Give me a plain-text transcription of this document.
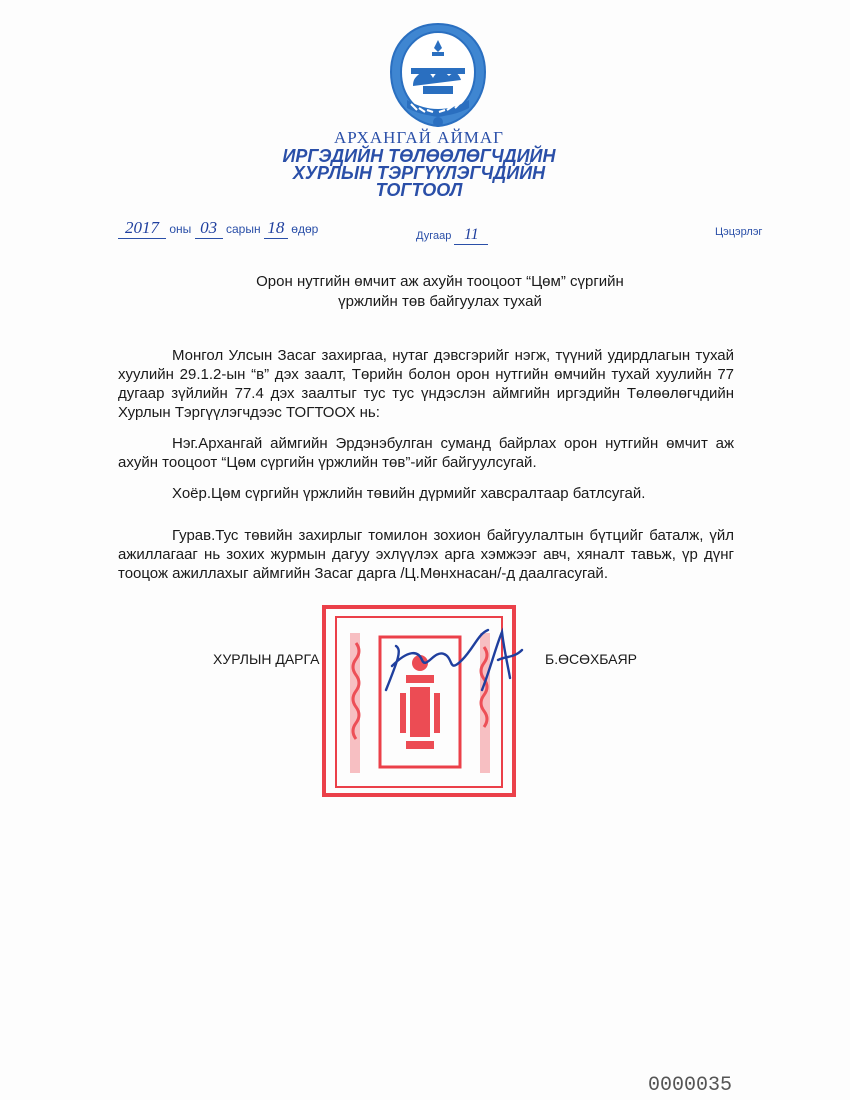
АРХАНГАЙ АЙМАГ
ИРГЭДИЙН ТӨЛӨӨЛӨГЧДИЙН
ХУРЛЫН ТЭРГҮҮЛЭГЧДИЙН
ТОГТООЛ
2017 оны 03 сарын 18 өдөр	Дугаар 11	Цэцэрлэг
Орон нутгийн өмчит аж ахуйн тооцоот “Цөм” сүргийн
үржлийн төв байгуулах тухай
Монгол Улсын Засаг захиргаа, нутаг дэвсгэрийг нэгж, түүний удирдлагын тухай хуулийн 29.1.2-ын “в” дэх заалт, Төрийн болон орон нутгийн өмчийн тухай хуулийн 77 дугаар зүйлийн 77.4 дэх заалтыг тус тус үндэслэн аймгийн иргэдийн Төлөөлөгчдийн Хурлын Тэргүүлэгчдээс ТОГТООХ нь:
Нэг.Архангай аймгийн Эрдэнэбулган суманд байрлах орон нутгийн өмчит аж ахуйн тооцоот “Цөм сүргийн үржлийн төв”-ийг байгуулсугай.
Хоёр.Цөм сүргийн үржлийн төвийн дүрмийг хавсралтаар батлсугай.
Гурав.Тус төвийн захирлыг томилон зохион байгуулалтын бүтцийг баталж, үйл ажиллагааг нь зохих журмын дагуу эхлүүлэх арга хэмжээг авч, хяналт тавьж, үр дүнг тооцож ажиллахыг аймгийн Засаг дарга /Ц.Мөнхнасан/-д даалгасугай.
ХУРЛЫН ДАРГА	Б.ӨСӨХБАЯР
0000035
